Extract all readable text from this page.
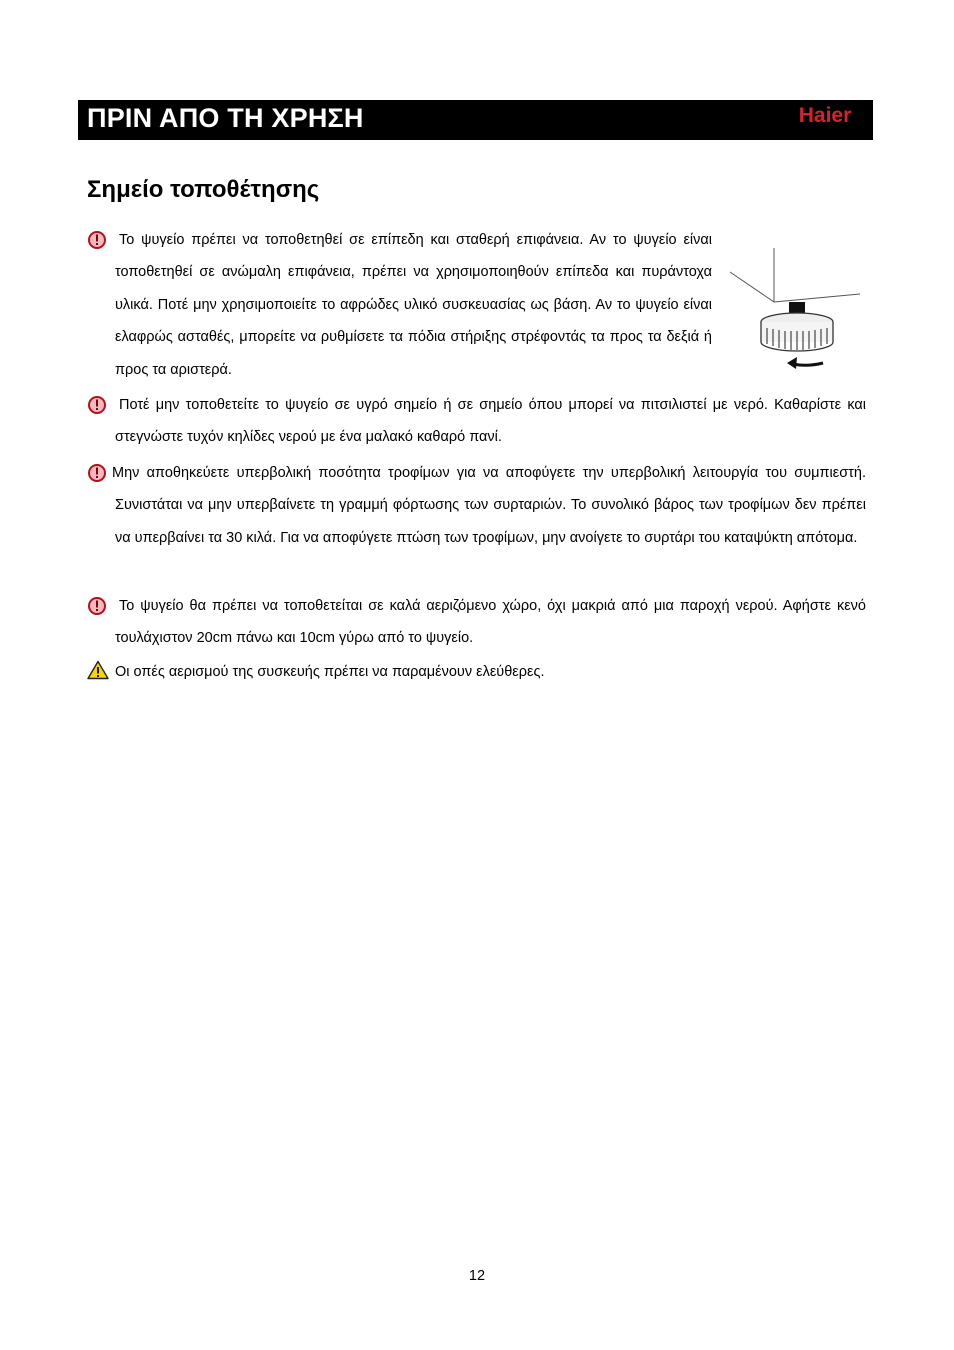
ΠΡΙΝ ΑΠΟ ΤΗ ΧΡΗΣΗ	Haier
Σημείο τοποθέτησης
Το ψυγείο πρέπει να τοποθετηθεί σε επίπεδη και σταθερή επιφάνεια. Αν το ψυγείο είναι τοποθετηθεί σε ανώμαλη επιφάνεια, πρέπει να χρησιμοποιηθούν επίπεδα και πυράντοχα υλικά. Ποτέ μην χρησιμοποιείτε το αφρώδες υλικό συσκευασίας ως βάση. Αν το ψυγείο είναι ελαφρώς ασταθές, μπορείτε να ρυθμίσετε τα πόδια στήριξης στρέφοντάς τα προς τα δεξιά ή προς τα αριστερά.
Ποτέ μην τοποθετείτε το ψυγείο σε υγρό σημείο ή σε σημείο όπου μπορεί να πιτσιλιστεί με νερό. Καθαρίστε και στεγνώστε τυχόν κηλίδες νερού με ένα μαλακό καθαρό πανί.
Μην αποθηκεύετε υπερβολική ποσότητα τροφίμων για να αποφύγετε την υπερβολική λειτουργία του συμπιεστή. Συνιστάται να μην υπερβαίνετε τη γραμμή φόρτωσης των συρταριών. Το συνολικό βάρος των τροφίμων δεν πρέπει να υπερβαίνει τα 30 κιλά. Για να αποφύγετε πτώση των τροφίμων, μην ανοίγετε το συρτάρι του καταψύκτη απότομα.
Το ψυγείο θα πρέπει να τοποθετείται σε καλά αεριζόμενο χώρο, όχι μακριά από μια παροχή νερού. Αφήστε κενό τουλάχιστον 20cm πάνω και 10cm γύρω από το ψυγείο.
Οι οπές αερισμού της συσκευής πρέπει να παραμένουν ελεύθερες.
12
